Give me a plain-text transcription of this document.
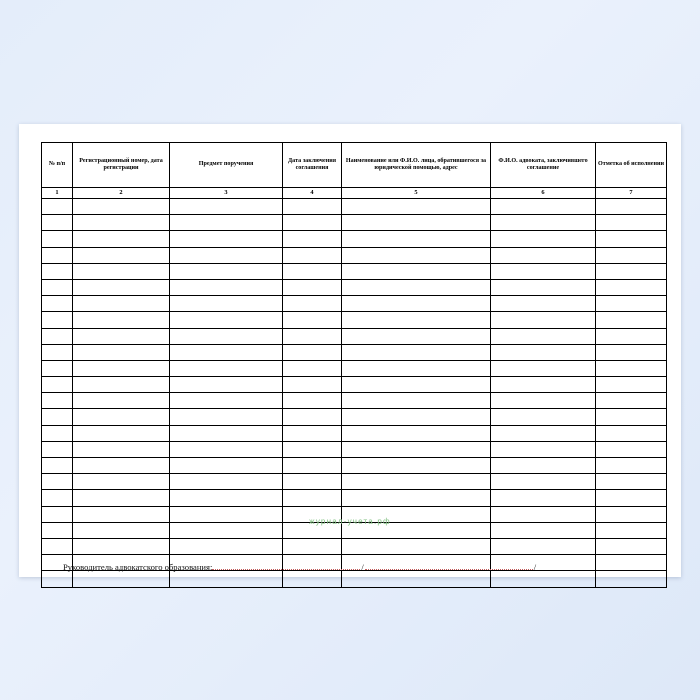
№ п/п	Регистрационный номер, дата регистрации	Предмет поручения	Дата заключения соглашения	Наименование или Ф.И.О. лица, обратившегося за юридической помощью, адрес	Ф.И.О. адвоката, заключившего соглашение	Отметка об исполнении
1	2	3	4	5	6	7

журнал-учета.рф
Руководитель адвокатского образования:	/	/
